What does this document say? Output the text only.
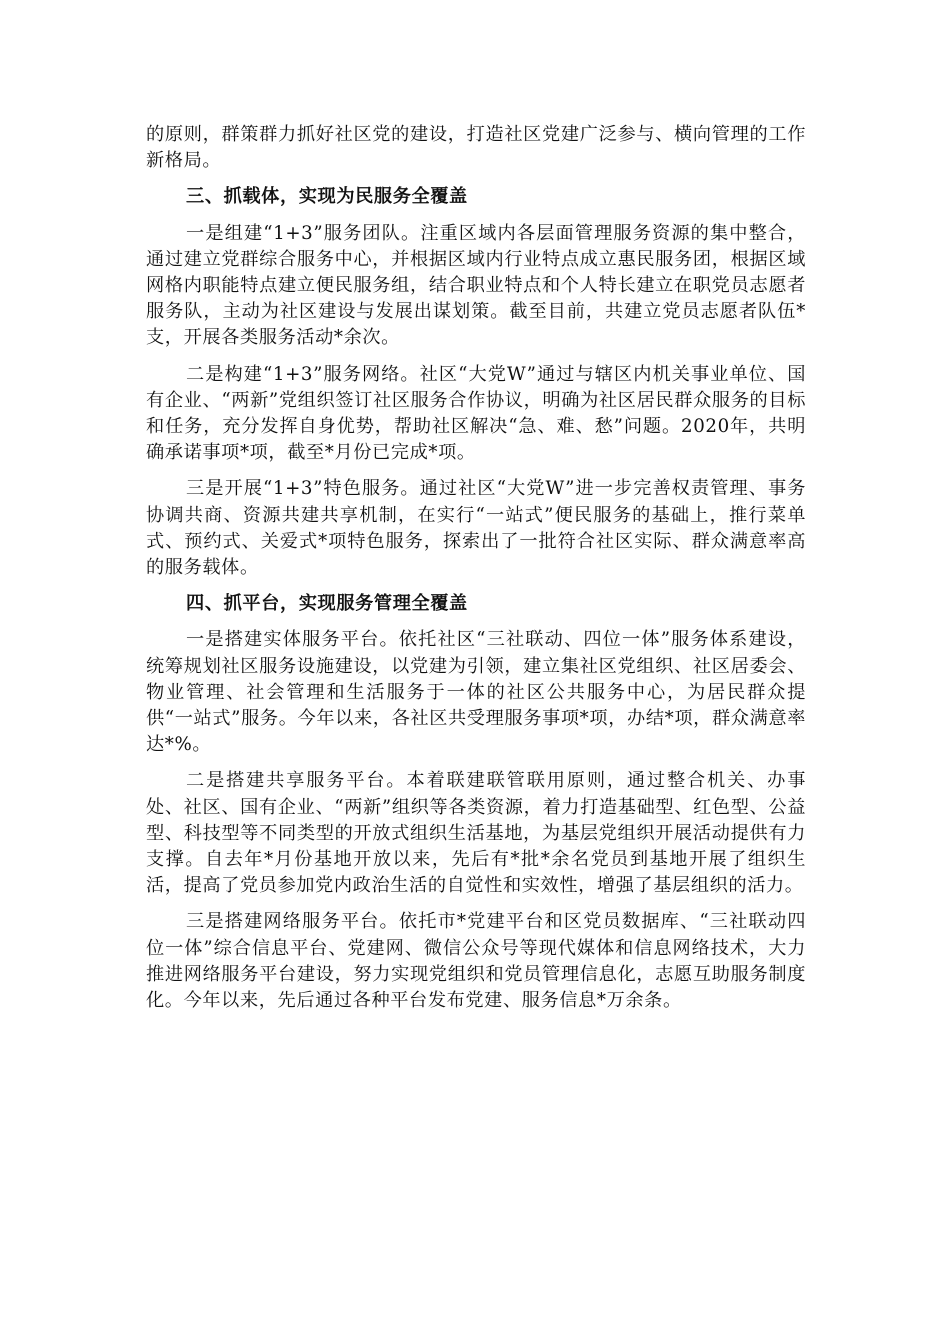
的原则，群策群力抓好社区党的建设，打造社区党建广泛参与、横向管理的工作新格局。

三、抓载体，实现为民服务全覆盖

一是组建“1+3”服务团队。注重区域内各层面管理服务资源的集中整合，通过建立党群综合服务中心，并根据区域内行业特点成立惠民服务团，根据区域网格内职能特点建立便民服务组，结合职业特点和个人特长建立在职党员志愿者服务队，主动为社区建设与发展出谋划策。截至目前，共建立党员志愿者队伍*支，开展各类服务活动*余次。

二是构建“1+3”服务网络。社区“大党W”通过与辖区内机关事业单位、国有企业、“两新”党组织签订社区服务合作协议，明确为社区居民群众服务的目标和任务，充分发挥自身优势，帮助社区解决“急、难、愁”问题。2020年，共明确承诺事项*项，截至*月份已完成*项。

三是开展“1+3”特色服务。通过社区“大党W”进一步完善权责管理、事务协调共商、资源共建共享机制，在实行“一站式”便民服务的基础上，推行菜单式、预约式、关爱式*项特色服务，探索出了一批符合社区实际、群众满意率高的服务载体。

四、抓平台，实现服务管理全覆盖

一是搭建实体服务平台。依托社区“三社联动、四位一体”服务体系建设，统筹规划社区服务设施建设，以党建为引领，建立集社区党组织、社区居委会、物业管理、社会管理和生活服务于一体的社区公共服务中心，为居民群众提供“一站式”服务。今年以来，各社区共受理服务事项*项，办结*项，群众满意率达*%。

二是搭建共享服务平台。本着联建联管联用原则，通过整合机关、办事处、社区、国有企业、“两新”组织等各类资源，着力打造基础型、红色型、公益型、科技型等不同类型的开放式组织生活基地，为基层党组织开展活动提供有力支撑。自去年*月份基地开放以来，先后有*批*余名党员到基地开展了组织生活，提高了党员参加党内政治生活的自觉性和实效性，增强了基层组织的活力。

三是搭建网络服务平台。依托市*党建平台和区党员数据库、“三社联动四位一体”综合信息平台、党建网、微信公众号等现代媒体和信息网络技术，大力推进网络服务平台建设，努力实现党组织和党员管理信息化，志愿互助服务制度化。今年以来，先后通过各种平台发布党建、服务信息*万余条。
